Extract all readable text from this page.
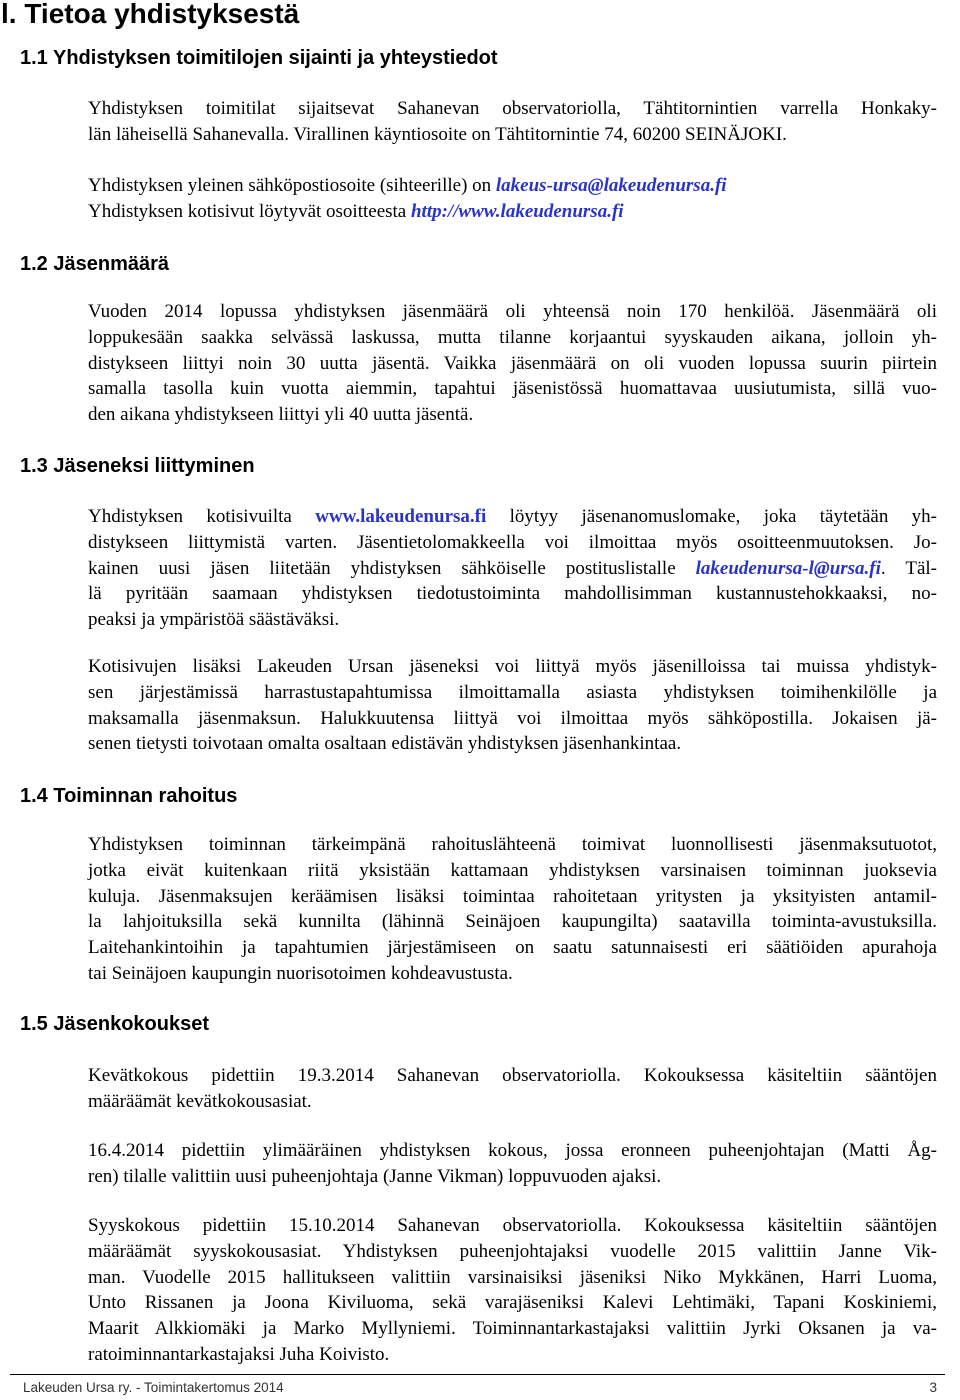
l. Tietoa yhdistyksestä
1.1 Yhdistyksen toimitilojen sijainti ja yhteystiedot
Yhdistyksen toimitilat sijaitsevat Sahanevan observatoriolla, Tähtitornintien varrella Honkaky-
län läheisellä Sahanevalla. Virallinen käyntiosoite on Tähtitornintie 74, 60200 SEINÄJOKI.
Yhdistyksen yleinen sähköpostiosoite (sihteerille) on lakeus-ursa@lakeudenursa.fi
Yhdistyksen kotisivut löytyvät osoitteesta http://www.lakeudenursa.fi
1.2 Jäsenmäärä
Vuoden 2014 lopussa yhdistyksen jäsenmäärä oli yhteensä noin 170 henkilöä. Jäsenmäärä oli
loppukesään saakka selvässä laskussa, mutta tilanne korjaantui syyskauden aikana, jolloin yh-
distykseen liittyi noin 30 uutta jäsentä. Vaikka jäsenmäärä on oli vuoden lopussa suurin piirtein
samalla tasolla kuin vuotta aiemmin, tapahtui jäsenistössä huomattavaa uusiutumista, sillä vuo-
den aikana yhdistykseen liittyi yli 40 uutta jäsentä.
1.3 Jäseneksi liittyminen
Yhdistyksen kotisivuilta www.lakeudenursa.fi löytyy jäsenanomuslomake, joka täytetään yh-
distykseen liittymistä varten. Jäsentietolomakkeella voi ilmoittaa myös osoitteenmuutoksen. Jo-
kainen uusi jäsen liitetään yhdistyksen sähköiselle postituslistalle lakeudenursa-l@ursa.fi. Täl-
lä pyritään saamaan yhdistyksen tiedotustoiminta mahdollisimman kustannustehokkaaksi, no-
peaksi ja ympäristöä säästäväksi.
Kotisivujen lisäksi Lakeuden Ursan jäseneksi voi liittyä myös jäsenilloissa tai muissa yhdistyk-
sen järjestämissä harrastustapahtumissa ilmoittamalla asiasta yhdistyksen toimihenkilölle ja
maksamalla jäsenmaksun. Halukkuutensa liittyä voi ilmoittaa myös sähköpostilla. Jokaisen jä-
senen tietysti toivotaan omalta osaltaan edistävän yhdistyksen jäsenhankintaa.
1.4 Toiminnan rahoitus
Yhdistyksen toiminnan tärkeimpänä rahoituslähteenä toimivat luonnollisesti jäsenmaksutuotot,
jotka eivät kuitenkaan riitä yksistään kattamaan yhdistyksen varsinaisen toiminnan juoksevia
kuluja. Jäsenmaksujen keräämisen lisäksi toimintaa rahoitetaan yritysten ja yksityisten antamil-
la lahjoituksilla sekä kunnilta (lähinnä Seinäjoen kaupungilta) saatavilla toiminta-avustuksilla.
Laitehankintoihin ja tapahtumien järjestämiseen on saatu satunnaisesti eri säätiöiden apurahoja
tai Seinäjoen kaupungin nuorisotoimen kohdeavustusta.
1.5 Jäsenkokoukset
Kevätkokous pidettiin 19.3.2014 Sahanevan observatoriolla. Kokouksessa käsiteltiin sääntöjen
määräämät kevätkokousasiat.
16.4.2014 pidettiin ylimääräinen yhdistyksen kokous, jossa eronneen puheenjohtajan (Matti Åg-
ren) tilalle valittiin uusi puheenjohtaja (Janne Vikman) loppuvuoden ajaksi.
Syyskokous pidettiin 15.10.2014 Sahanevan observatoriolla. Kokouksessa käsiteltiin sääntöjen
määräämät syyskokousasiat. Yhdistyksen puheenjohtajaksi vuodelle 2015 valittiin Janne Vik-
man. Vuodelle 2015 hallitukseen valittiin varsinaisiksi jäseniksi Niko Mykkänen, Harri Luoma,
Unto Rissanen ja Joona Kiviluoma, sekä varajäseniksi Kalevi Lehtimäki, Tapani Koskiniemi,
Maarit Alkkiomäki ja Marko Myllyniemi. Toiminnantarkastajaksi valittiin Jyrki Oksanen ja va-
ratoiminnantarkastajaksi Juha Koivisto.
Lakeuden Ursa ry. - Toimintakertomus 2014	3
